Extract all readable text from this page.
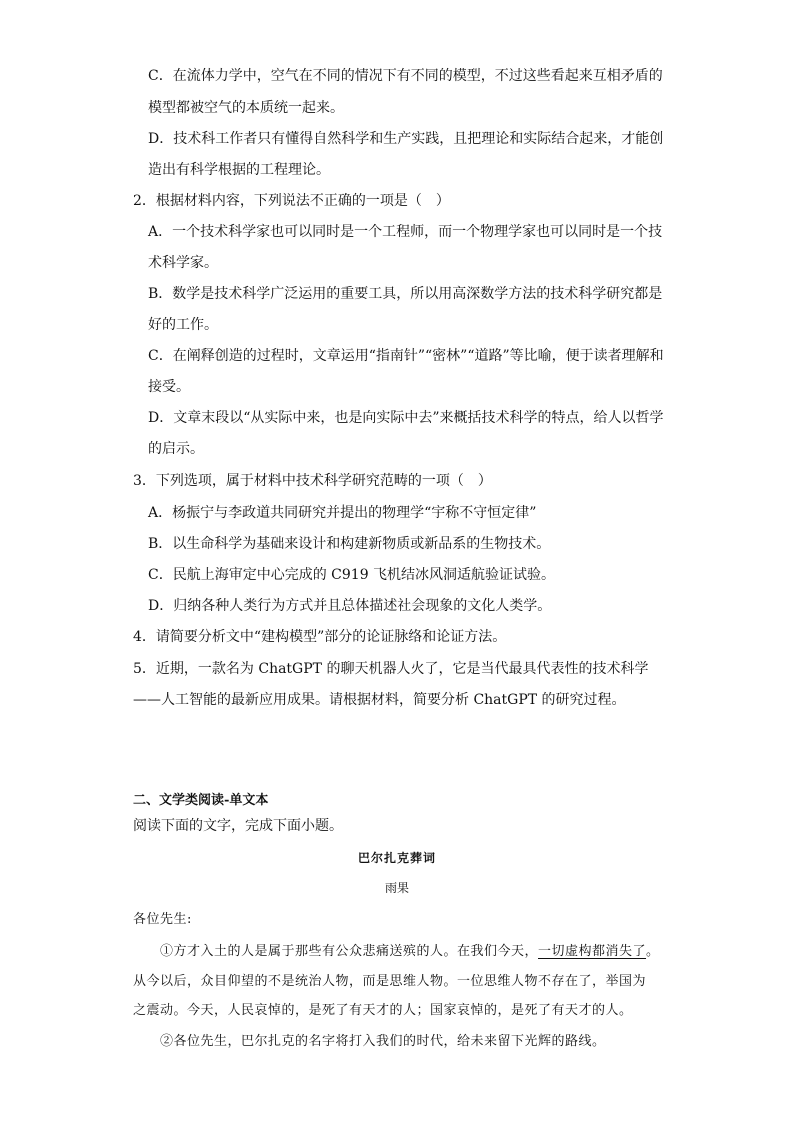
C．在流体力学中，空气在不同的情况下有不同的模型，不过这些看起来互相矛盾的
模型都被空气的本质统一起来。
D．技术科工作者只有懂得自然科学和生产实践，且把理论和实际结合起来，才能创
造出有科学根据的工程理论。
2．根据材料内容，下列说法不正确的一项是（　）
A．一个技术科学家也可以同时是一个工程师，而一个物理学家也可以同时是一个技
术科学家。
B．数学是技术科学广泛运用的重要工具，所以用高深数学方法的技术科学研究都是
好的工作。
C．在阐释创造的过程时，文章运用“指南针”“密林”“道路”等比喻，便于读者理解和
接受。
D．文章末段以“从实际中来，也是向实际中去”来概括技术科学的特点，给人以哲学
的启示。
3．下列选项，属于材料中技术科学研究范畴的一项（　）
A．杨振宁与李政道共同研究并提出的物理学“宇称不守恒定律”
B．以生命科学为基础来设计和构建新物质或新品系的生物技术。
C．民航上海审定中心完成的 C919 飞机结冰风洞适航验证试验。
D．归纳各种人类行为方式并且总体描述社会现象的文化人类学。
4．请简要分析文中“建构模型”部分的论证脉络和论证方法。
5．近期，一款名为 ChatGPT 的聊天机器人火了，它是当代最具代表性的技术科学
——人工智能的最新应用成果。请根据材料，简要分析 ChatGPT 的研究过程。
二、文学类阅读-单文本
阅读下面的文字，完成下面小题。
巴尔扎克葬词
雨果
各位先生:
①方才入土的人是属于那些有公众悲痛送殡的人。在我们今天，一切虚构都消失了。
从今以后，众目仰望的不是统治人物，而是思维人物。一位思维人物不存在了，举国为
之震动。今天，人民哀悼的，是死了有天才的人；国家哀悼的，是死了有天才的人。
②各位先生，巴尔扎克的名字将打入我们的时代，给未来留下光辉的路线。
